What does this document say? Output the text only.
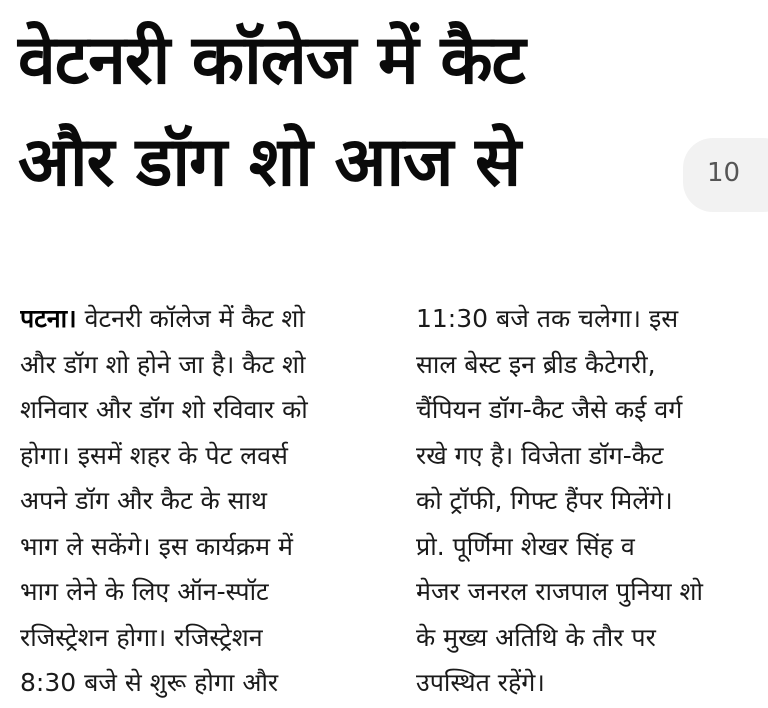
वेटनरी कॉलेज में कैट
और डॉग शो आज से	10
पटना। वेटनरी कॉलेज में कैट शो
और डॉग शो होने जा है। कैट शो
शनिवार और डॉग शो रविवार को
होगा। इसमें शहर के पेट लवर्स
अपने डॉग और कैट के साथ
भाग ले सकेंगे। इस कार्यक्रम में
भाग लेने के लिए ऑन-स्पॉट
रजिस्ट्रेशन होगा। रजिस्ट्रेशन
8:30 बजे से शुरू होगा और
11:30 बजे तक चलेगा। इस
साल बेस्ट इन ब्रीड कैटेगरी,
चैंपियन डॉग-कैट जैसे कई वर्ग
रखे गए है। विजेता डॉग-कैट
को ट्रॉफी, गिफ्ट हैंपर मिलेंगे।
प्रो. पूर्णिमा शेखर सिंह व
मेजर जनरल राजपाल पुनिया शो
के मुख्य अतिथि के तौर पर
उपस्थित रहेंगे।
